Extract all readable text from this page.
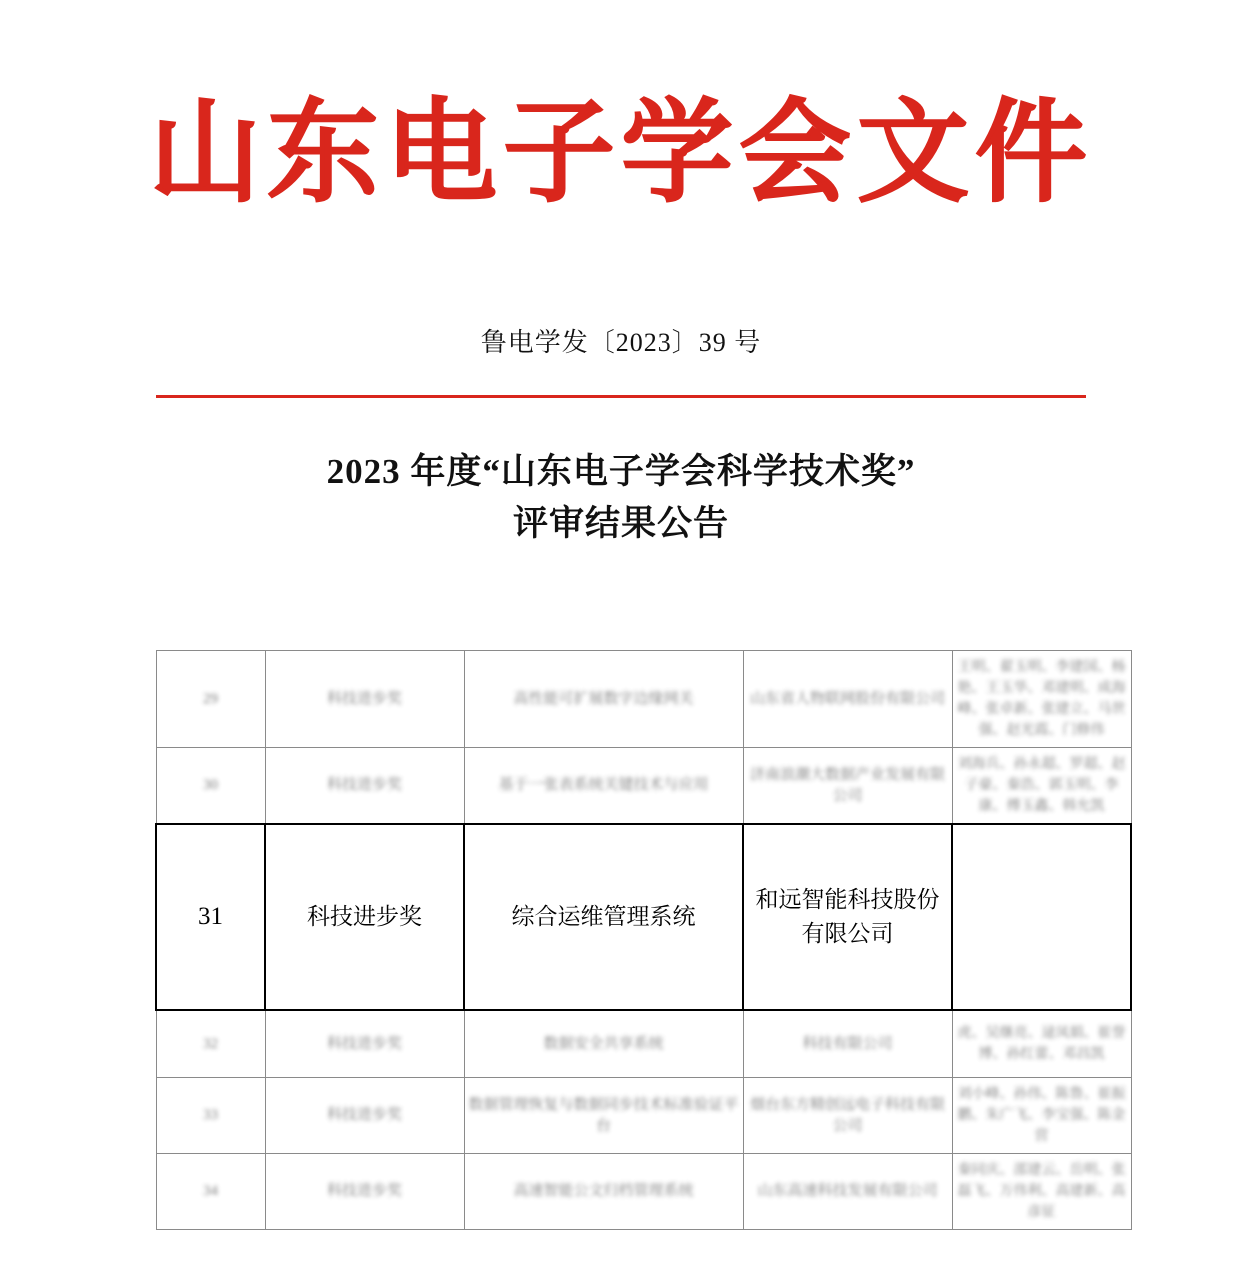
山东电子学会文件
鲁电学发〔2023〕39 号
2023 年度“山东电子学会科学技术奖”
评审结果公告
29	科技进步奖	高性能可扩展数字边缘网关	山东省人物联网股份有限公司	王明、翟玉明、李建国、杨艳、王玉华、邓建明、成海峰、张卓新、张建立、马世强、赵光霞、门修伟
30	科技进步奖	基于一张表系统关键技术与应用	济南浪潮大数据产业发展有限公司	刘海兵、孙永超、罗超、赵子豪、秦浩、郭玉明、李康、傅玉鑫、韩允凯
31	科技进步奖	综合运维管理系统	和远智能科技股份有限公司	
32	科技进步奖	数据安全共享系统	科技有限公司	虎、吴继亮、逯凤娟、崔誉博、孙红蕾、邓昌凯
33	科技进步奖	数据管理恢复与数据同步技术标准验证平台	烟台东方精创远电子科技有限公司	刘小峰、孙伟、陈鲁、崔振鹏、朱广飞、李宝强、陈金营
34	科技进步奖	高速智能公文归档管理系统	山东高速科技发展有限公司	秦同庆、邵建云、岳明、张磊飞、万伟利、高建新、高彦征
